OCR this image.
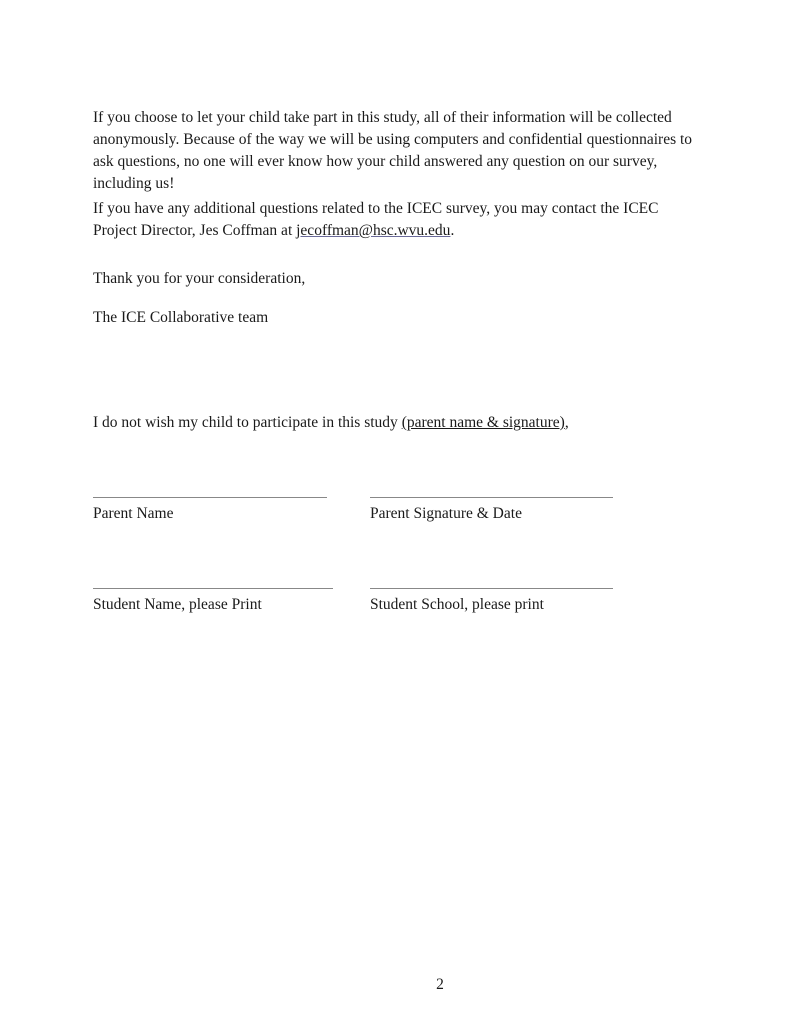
If you choose to let your child take part in this study, all of their information will be collected anonymously. Because of the way we will be using computers and confidential questionnaires to ask questions, no one will ever know how your child answered any question on our survey, including us!

If you have any additional questions related to the ICEC survey, you may contact the ICEC Project Director, Jes Coffman at jecoffman@hsc.wvu.edu.

Thank you for your consideration,

The ICE Collaborative team

I do not wish my child to participate in this study (parent name & signature),

Parent Name	Parent Signature & Date

Student Name, please Print	Student School, please print

2
